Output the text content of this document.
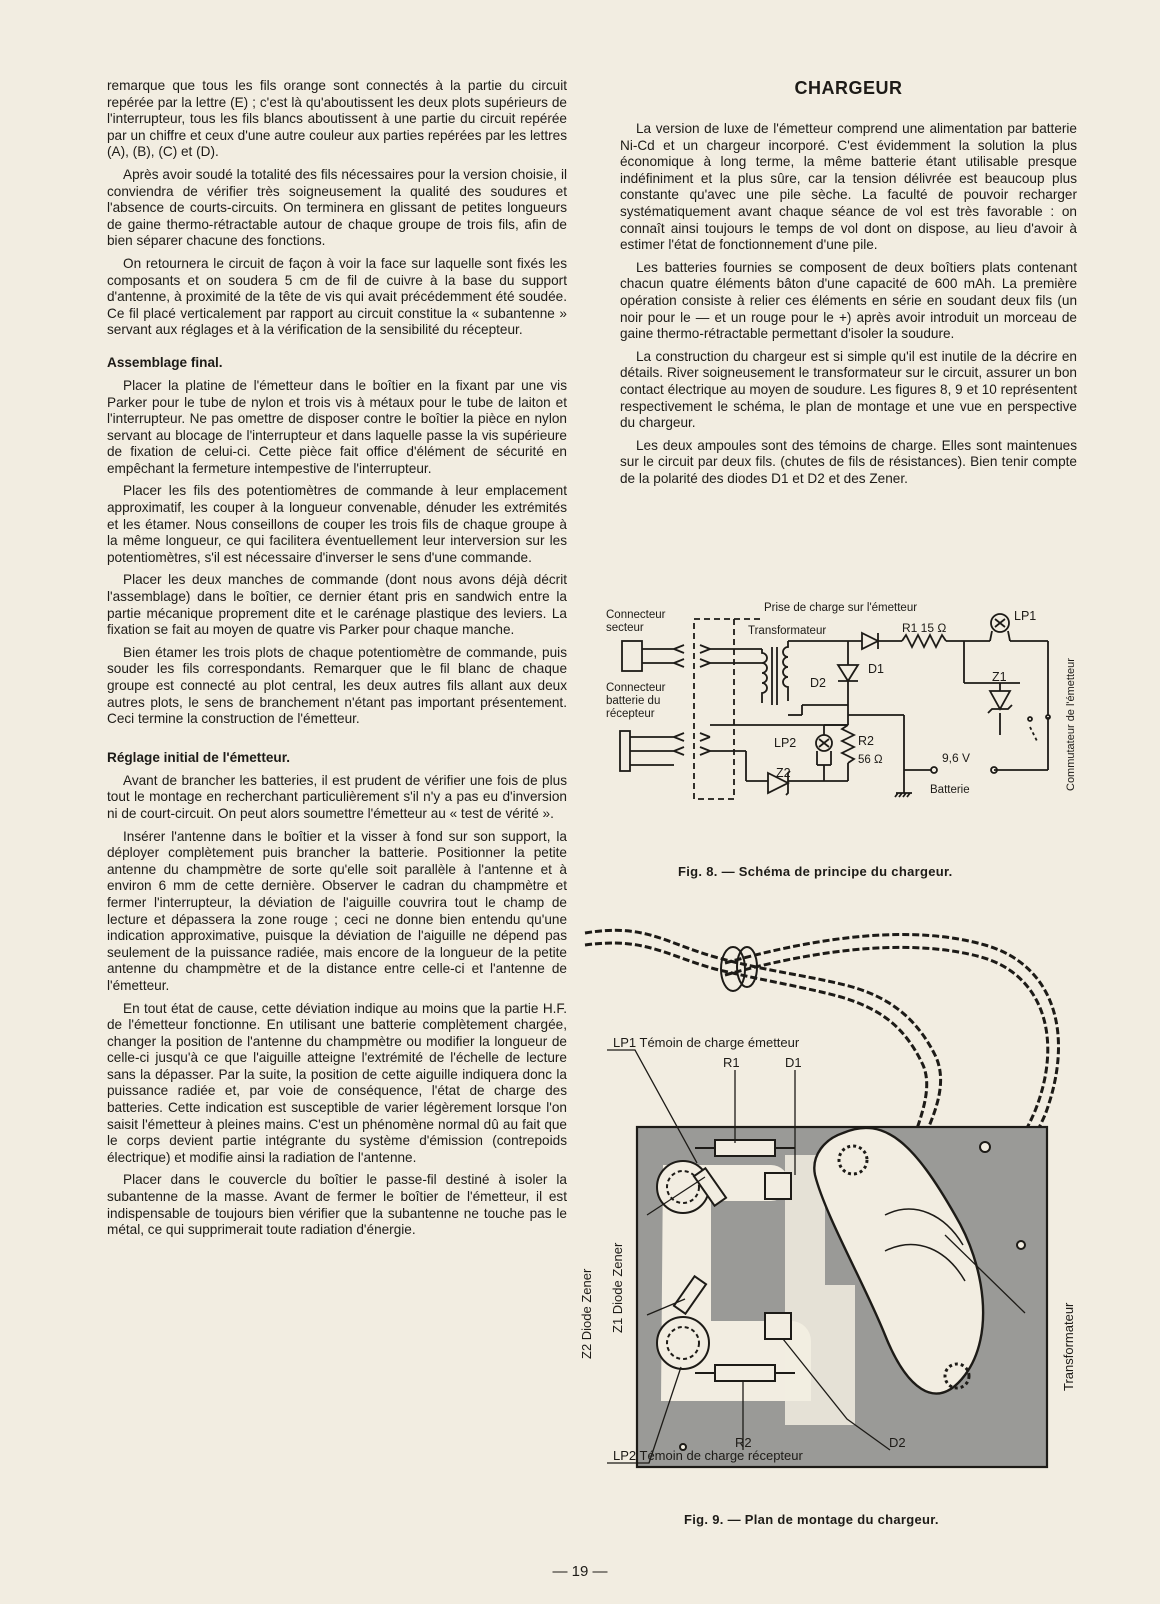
remarque que tous les fils orange sont connectés à la partie du circuit repérée par la lettre (E) ; c'est là qu'aboutissent les deux plots supérieurs de l'interrupteur, tous les fils blancs aboutissent à une partie du circuit repérée par un chiffre et ceux d'une autre couleur aux parties repérées par les lettres (A), (B), (C) et (D).

Après avoir soudé la totalité des fils nécessaires pour la version choisie, il conviendra de vérifier très soigneusement la qualité des soudures et l'absence de courts-circuits. On terminera en glissant de petites longueurs de gaine thermo-rétractable autour de chaque groupe de trois fils, afin de bien séparer chacune des fonctions.

On retournera le circuit de façon à voir la face sur laquelle sont fixés les composants et on soudera 5 cm de fil de cuivre à la base du support d'antenne, à proximité de la tête de vis qui avait précédemment été soudée. Ce fil placé verticalement par rapport au circuit constitue la « subantenne » servant aux réglages et à la vérification de la sensibilité du récepteur.

Assemblage final.

Placer la platine de l'émetteur dans le boîtier en la fixant par une vis Parker pour le tube de nylon et trois vis à métaux pour le tube de laiton et l'interrupteur. Ne pas omettre de disposer contre le boîtier la pièce en nylon servant au blocage de l'interrupteur et dans laquelle passe la vis supérieure de fixation de celui-ci. Cette pièce fait office d'élément de sécurité en empêchant la fermeture intempestive de l'interrupteur.

Placer les fils des potentiomètres de commande à leur emplacement approximatif, les couper à la longueur convenable, dénuder les extrémités et les étamer. Nous conseillons de couper les trois fils de chaque groupe à la même longueur, ce qui facilitera éventuellement leur interversion sur les potentiomètres, s'il est nécessaire d'inverser le sens d'une commande.

Placer les deux manches de commande (dont nous avons déjà décrit l'assemblage) dans le boîtier, ce dernier étant pris en sandwich entre la partie mécanique proprement dite et le carénage plastique des leviers. La fixation se fait au moyen de quatre vis Parker pour chaque manche.

Bien étamer les trois plots de chaque potentiomètre de commande, puis souder les fils correspondants. Remarquer que le fil blanc de chaque groupe est connecté au plot central, les deux autres fils allant aux deux autres plots, le sens de branchement n'étant pas important présentement. Ceci termine la construction de l'émetteur.

Réglage initial de l'émetteur.

Avant de brancher les batteries, il est prudent de vérifier une fois de plus tout le montage en recherchant particulièrement s'il n'y a pas eu d'inversion ni de court-circuit. On peut alors soumettre l'émetteur au « test de vérité ».

Insérer l'antenne dans le boîtier et la visser à fond sur son support, la déployer complètement puis brancher la batterie. Positionner la petite antenne du champmètre de sorte qu'elle soit parallèle à l'antenne et à environ 6 mm de cette dernière. Observer le cadran du champmètre et fermer l'interrupteur, la déviation de l'aiguille couvrira tout le champ de lecture et dépassera la zone rouge ; ceci ne donne bien entendu qu'une indication approximative, puisque la déviation de l'aiguille ne dépend pas seulement de la puissance radiée, mais encore de la longueur de la petite antenne du champmètre et de la distance entre celle-ci et l'antenne de l'émetteur.

En tout état de cause, cette déviation indique au moins que la partie H.F. de l'émetteur fonctionne. En utilisant une batterie complètement chargée, changer la position de l'antenne du champmètre ou modifier la longueur de celle-ci jusqu'à ce que l'aiguille atteigne l'extrémité de l'échelle de lecture sans la dépasser. Par la suite, la position de cette aiguille indiquera donc la puissance radiée et, par voie de conséquence, l'état de charge des batteries. Cette indication est susceptible de varier légèrement lorsque l'on saisit l'émetteur à pleines mains. C'est un phénomène normal dû au fait que le corps devient partie intégrante du système d'émission (contrepoids électrique) et modifie ainsi la radiation de l'antenne.

Placer dans le couvercle du boîtier le passe-fil destiné à isoler la subantenne de la masse. Avant de fermer le boîtier de l'émetteur, il est indispensable de toujours bien vérifier que la subantenne ne touche pas le métal, ce qui supprimerait toute radiation d'énergie.

CHARGEUR

La version de luxe de l'émetteur comprend une alimentation par batterie Ni-Cd et un chargeur incorporé. C'est évidemment la solution la plus économique à long terme, la même batterie étant utilisable presque indéfiniment et la plus sûre, car la tension délivrée est beaucoup plus constante qu'avec une pile sèche. La faculté de pouvoir recharger systématiquement avant chaque séance de vol est très favorable : on connaît ainsi toujours le temps de vol dont on dispose, au lieu d'avoir à estimer l'état de fonctionnement d'une pile.

Les batteries fournies se composent de deux boîtiers plats contenant chacun quatre éléments bâton d'une capacité de 600 mAh. La première opération consiste à relier ces éléments en série en soudant deux fils (un noir pour le — et un rouge pour le +) après avoir introduit un morceau de gaine thermo-rétractable permettant d'isoler la soudure.

La construction du chargeur est si simple qu'il est inutile de la décrire en détails. River soigneusement le transformateur sur le circuit, assurer un bon contact électrique au moyen de soudure. Les figures 8, 9 et 10 représentent respectivement le schéma, le plan de montage et une vue en perspective du chargeur.

Les deux ampoules sont des témoins de charge. Elles sont maintenues sur le circuit par deux fils. (chutes de fils de résistances). Bien tenir compte de la polarité des diodes D1 et D2 et des Zener.

Connecteur
secteur
Connecteur
batterie du
récepteur
Prise de charge sur l'émetteur
Transformateur	R1 15 Ω
LP1
D1
D2	Z1
LP2	R2
56 Ω
Z2
9,6 V
Batterie	Commutateur de l'émetteur
Fig. 8. — Schéma de principe du chargeur.
LP1 Témoin de charge émetteur
R1	D1
Z2 Diode Zener Z1 Diode Zener
Transformateur
R2	D2
LP2 Témoin de charge récepteur
Fig. 9. — Plan de montage du chargeur.
— 19 —
